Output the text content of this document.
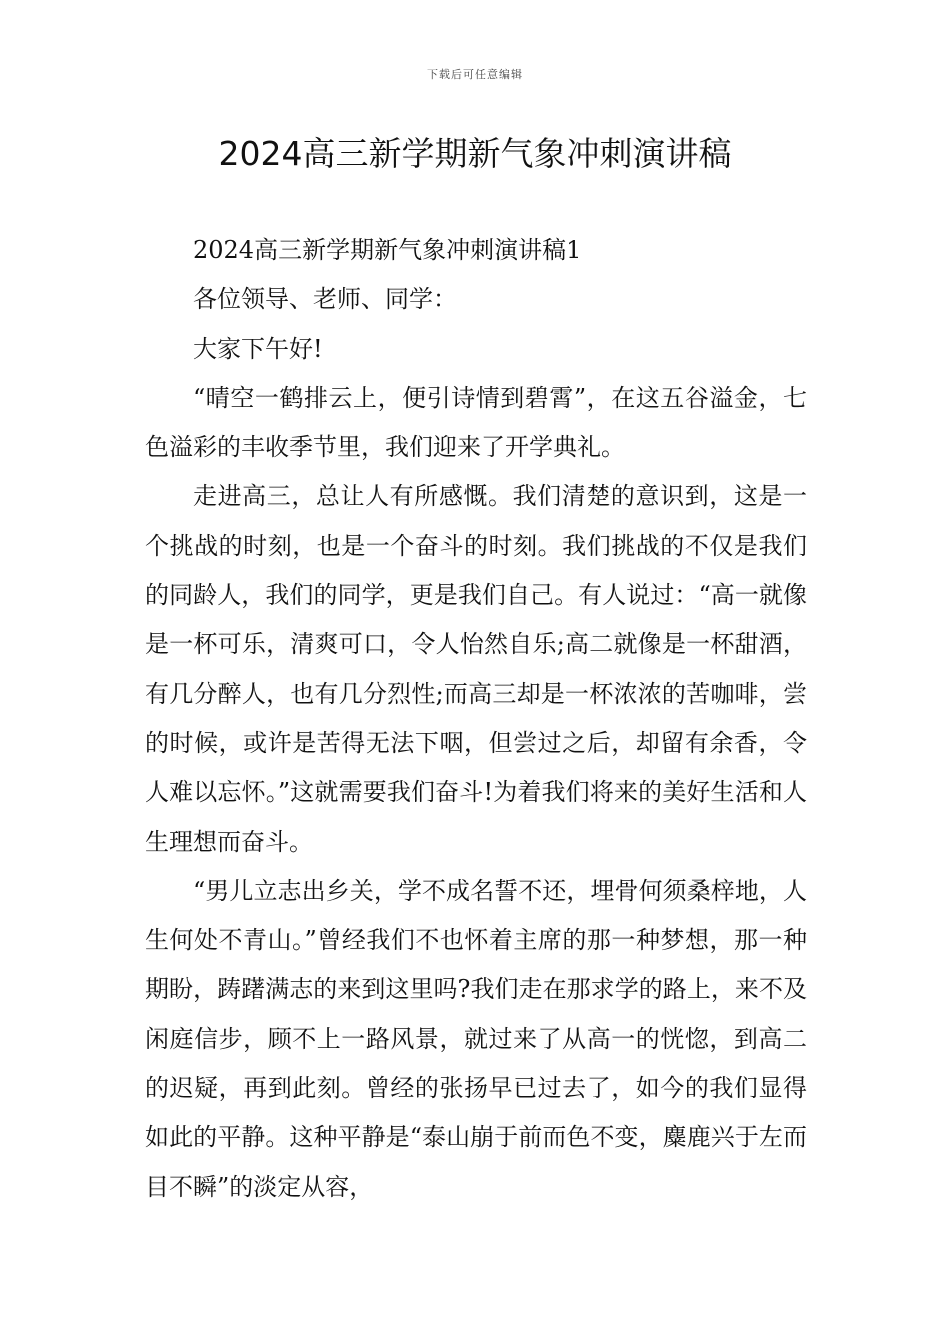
下载后可任意编辑
2024高三新学期新气象冲刺演讲稿

2024高三新学期新气象冲刺演讲稿1

各位领导、老师、同学：

大家下午好!

“晴空一鹤排云上，便引诗情到碧霄”，在这五谷溢金，七色溢彩的丰收季节里，我们迎来了开学典礼。

走进高三，总让人有所感慨。我们清楚的意识到，这是一个挑战的时刻，也是一个奋斗的时刻。我们挑战的不仅是我们的同龄人，我们的同学，更是我们自己。有人说过：“高一就像是一杯可乐，清爽可口，令人怡然自乐;高二就像是一杯甜酒，有几分醉人，也有几分烈性;而高三却是一杯浓浓的苦咖啡，尝的时候，或许是苦得无法下咽，但尝过之后，却留有余香，令人难以忘怀。”这就需要我们奋斗!为着我们将来的美好生活和人生理想而奋斗。

“男儿立志出乡关，学不成名誓不还，埋骨何须桑梓地，人生何处不青山。”曾经我们不也怀着主席的那一种梦想，那一种期盼，踌躇满志的来到这里吗?我们走在那求学的路上，来不及闲庭信步，顾不上一路风景，就过来了从高一的恍惚，到高二的迟疑，再到此刻。曾经的张扬早已过去了，如今的我们显得如此的平静。这种平静是“泰山崩于前而色不变，麋鹿兴于左而目不瞬”的淡定从容，
